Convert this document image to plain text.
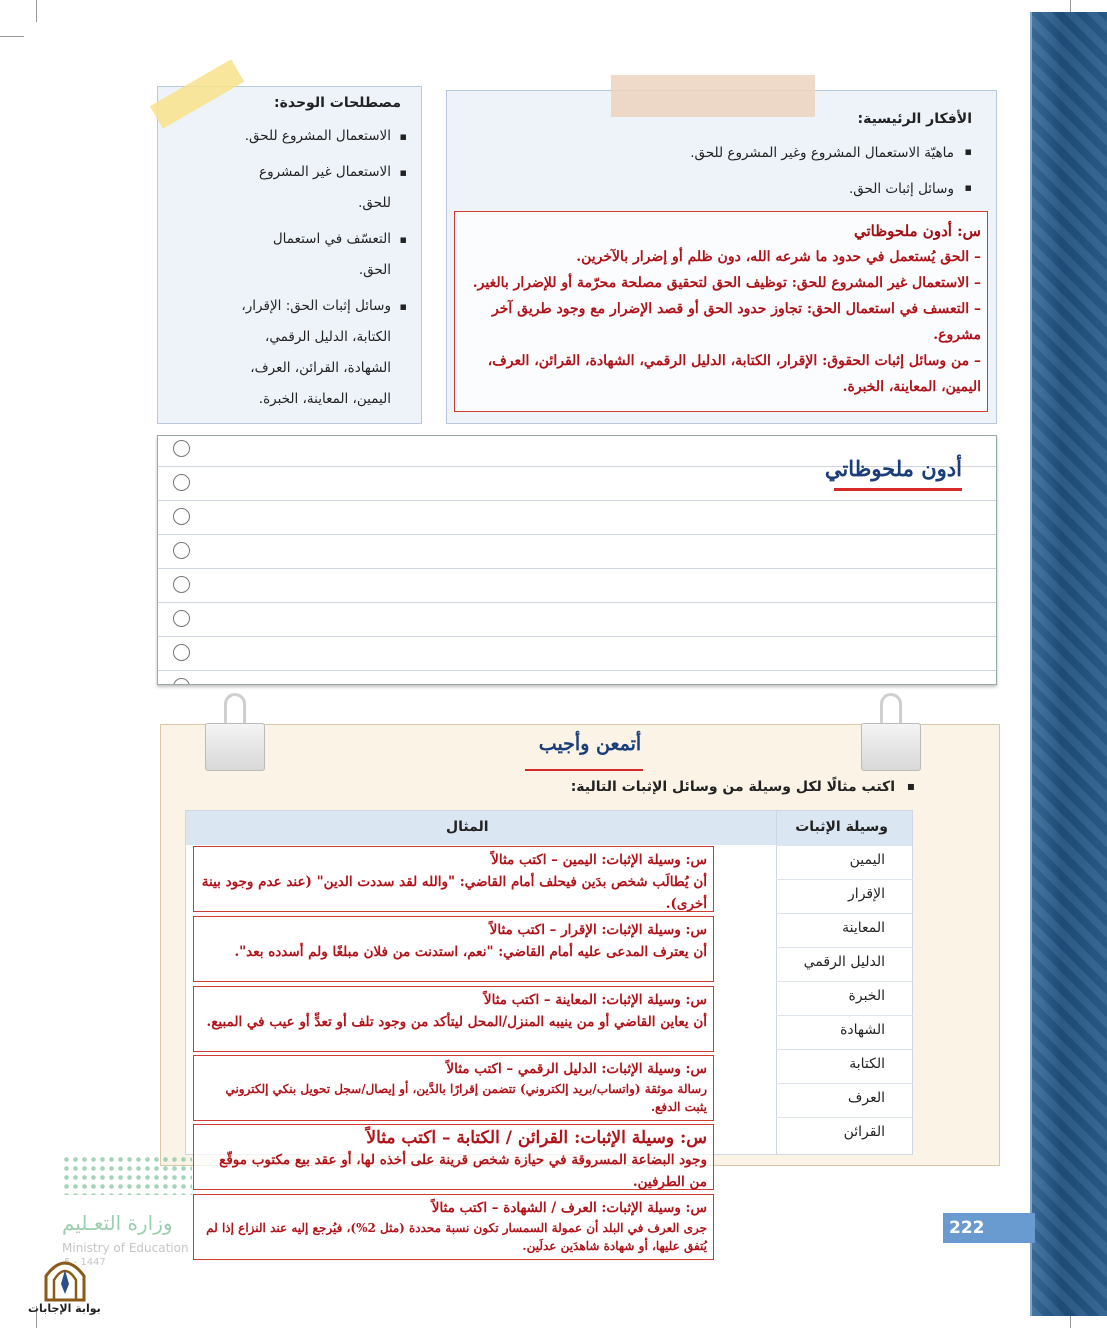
مصطلحات الوحدة:
▪ الاستعمال المشروع للحق.
▪ الاستعمال غير المشروع للحق.
▪ التعسّف في استعمال الحق.
▪ وسائل إثبات الحق: الإقرار، الكتابة، الدليل الرقمي، الشهادة، القرائن، العرف، اليمين، المعاينة، الخبرة.
الأفكار الرئيسية:
▪ ماهيّة الاستعمال المشروع وغير المشروع للحق.
▪ وسائل إثبات الحق.
س: أدون ملحوظاتي
– الحق يُستعمل في حدود ما شرعه الله، دون ظلم أو إضرار بالآخرين.
– الاستعمال غير المشروع للحق: توظيف الحق لتحقيق مصلحة محرّمة أو للإضرار بالغير.
– التعسف في استعمال الحق: تجاوز حدود الحق أو قصد الإضرار مع وجود طريق آخر مشروع.
– من وسائل إثبات الحقوق: الإقرار، الكتابة، الدليل الرقمي، الشهادة، القرائن، العرف، اليمين، المعاينة، الخبرة.
أدون ملحوظاتي
أتمعن وأجيب
▪ اكتب مثالًا لكل وسيلة من وسائل الإثبات التالية:
وسيلة الإثبات
المثال
اليمين
الإقرار
المعاينة
الدليل الرقمي
الخبرة
الشهادة
الكتابة
العرف
القرائن
س: وسيلة الإثبات: اليمين – اكتب مثالاً
أن يُطالَب شخص بدَين فيحلف أمام القاضي: "والله لقد سددت الدين" (عند عدم وجود بينة أخرى).
س: وسيلة الإثبات: الإقرار – اكتب مثالاً
أن يعترف المدعى عليه أمام القاضي: "نعم، استدنت من فلان مبلغًا ولم أسدده بعد".
س: وسيلة الإثبات: المعاينة – اكتب مثالاً
أن يعاين القاضي أو من ينيبه المنزل/المحل ليتأكد من وجود تلف أو تعدٍّ أو عيب في المبيع.
س: وسيلة الإثبات: الدليل الرقمي – اكتب مثالاً
رسالة موثقة (واتساب/بريد إلكتروني) تتضمن إقرارًا بالدَّين، أو إيصال/سجل تحويل بنكي إلكتروني يثبت الدفع.
س: وسيلة الإثبات: القرائن / الكتابة – اكتب مثالاً
وجود البضاعة المسروقة في حيازة شخص قرينة على أخذه لها، أو عقد بيع مكتوب موقّع من الطرفين.
س: وسيلة الإثبات: العرف / الشهادة – اكتب مثالاً
جرى العرف في البلد أن عمولة السمسار تكون نسبة محددة (مثل 2%)، فيُرجع إليه عند النزاع إذا لم يُتفق عليها، أو شهادة شاهدَين عدلَين.
222
وزارة التعـليم
Ministry of Education
5 - 1447
بوابة الإجابات
